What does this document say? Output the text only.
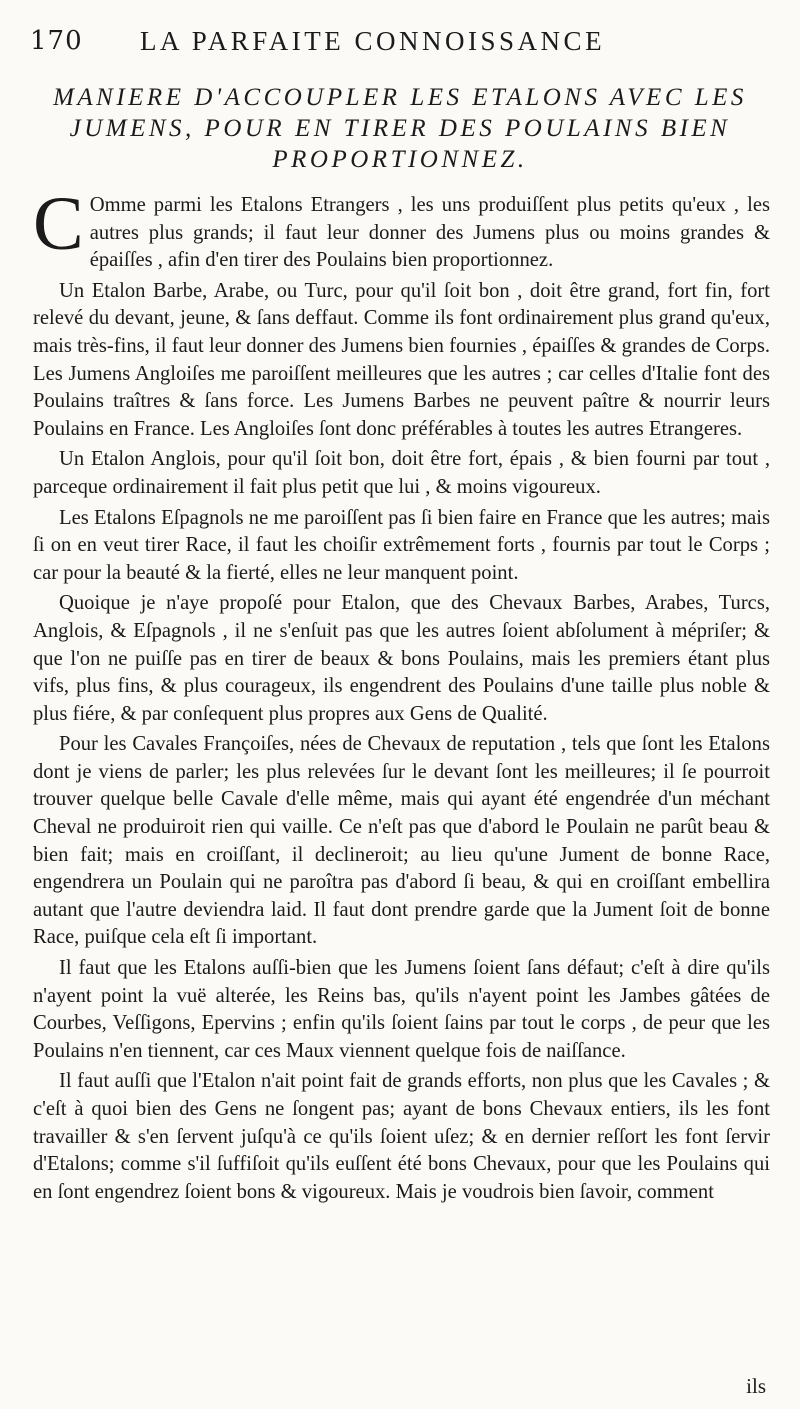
170 LA PARFAITE CONNOISSANCE
MANIERE D'ACCOUPLER LES ETALONS AVEC LES
JUMENS, POUR EN TIRER DES POULAINS BIEN
PROPORTIONNEZ.

C Omme parmi les Etalons Etrangers , les uns produiſſent plus petits qu'eux , les autres plus grands; il faut leur donner des Jumens plus ou moins grandes & épaiſſes , afin d'en tirer des Poulains bien proportionnez.

Un Etalon Barbe, Arabe, ou Turc, pour qu'il ſoit bon , doit être grand, fort fin, fort relevé du devant, jeune, & ſans deffaut. Comme ils font ordinairement plus grand qu'eux, mais très-fins, il faut leur donner des Jumens bien fournies , épaiſſes & grandes de Corps. Les Jumens Angloiſes me paroiſſent meilleures que les autres ; car celles d'Italie font des Poulains traîtres & ſans force. Les Jumens Barbes ne peuvent paître & nourrir leurs Poulains en France. Les Angloiſes ſont donc préférables à toutes les autres Etrangeres.

Un Etalon Anglois, pour qu'il ſoit bon, doit être fort, épais , & bien fourni par tout , parceque ordinairement il fait plus petit que lui , & moins vigoureux.

Les Etalons Eſpagnols ne me paroiſſent pas ſi bien faire en France que les autres; mais ſi on en veut tirer Race, il faut les choiſir extrêmement forts , fournis par tout le Corps ; car pour la beauté & la fierté, elles ne leur manquent point.

Quoique je n'aye propoſé pour Etalon, que des Chevaux Barbes, Arabes, Turcs, Anglois, & Eſpagnols , il ne s'enſuit pas que les autres ſoient abſolument à mépriſer; & que l'on ne puiſſe pas en tirer de beaux & bons Poulains, mais les premiers étant plus vifs, plus fins, & plus courageux, ils engendrent des Poulains d'une taille plus noble & plus fiére, & par conſequent plus propres aux Gens de Qualité.

Pour les Cavales Françoiſes, nées de Chevaux de reputation , tels que ſont les Etalons dont je viens de parler; les plus relevées ſur le devant ſont les meilleures; il ſe pourroit trouver quelque belle Cavale d'elle même, mais qui ayant été engendrée d'un méchant Cheval ne produiroit rien qui vaille. Ce n'eſt pas que d'abord le Poulain ne parût beau & bien fait; mais en croiſſant, il declineroit; au lieu qu'une Jument de bonne Race, engendrera un Poulain qui ne paroîtra pas d'abord ſi beau, & qui en croiſſant embellira autant que l'autre deviendra laid. Il faut dont prendre garde que la Jument ſoit de bonne Race, puiſque cela eſt ſi important.

Il faut que les Etalons auſſi-bien que les Jumens ſoient ſans défaut; c'eſt à dire qu'ils n'ayent point la vuë alterée, les Reins bas, qu'ils n'ayent point les Jambes gâtées de Courbes, Veſſigons, Epervins ; enfin qu'ils ſoient ſains par tout le corps , de peur que les Poulains n'en tiennent, car ces Maux viennent quelque fois de naiſſance.

Il faut auſſi que l'Etalon n'ait point fait de grands efforts, non plus que les Cavales ; & c'eſt à quoi bien des Gens ne ſongent pas; ayant de bons Chevaux entiers, ils les font travailler & s'en ſervent juſqu'à ce qu'ils ſoient uſez; & en dernier reſſort les font ſervir d'Etalons; comme s'il ſuffiſoit qu'ils euſſent été bons Chevaux, pour que les Poulains qui en ſont engendrez ſoient bons & vigoureux. Mais je voudrois bien ſavoir, comment

ils
